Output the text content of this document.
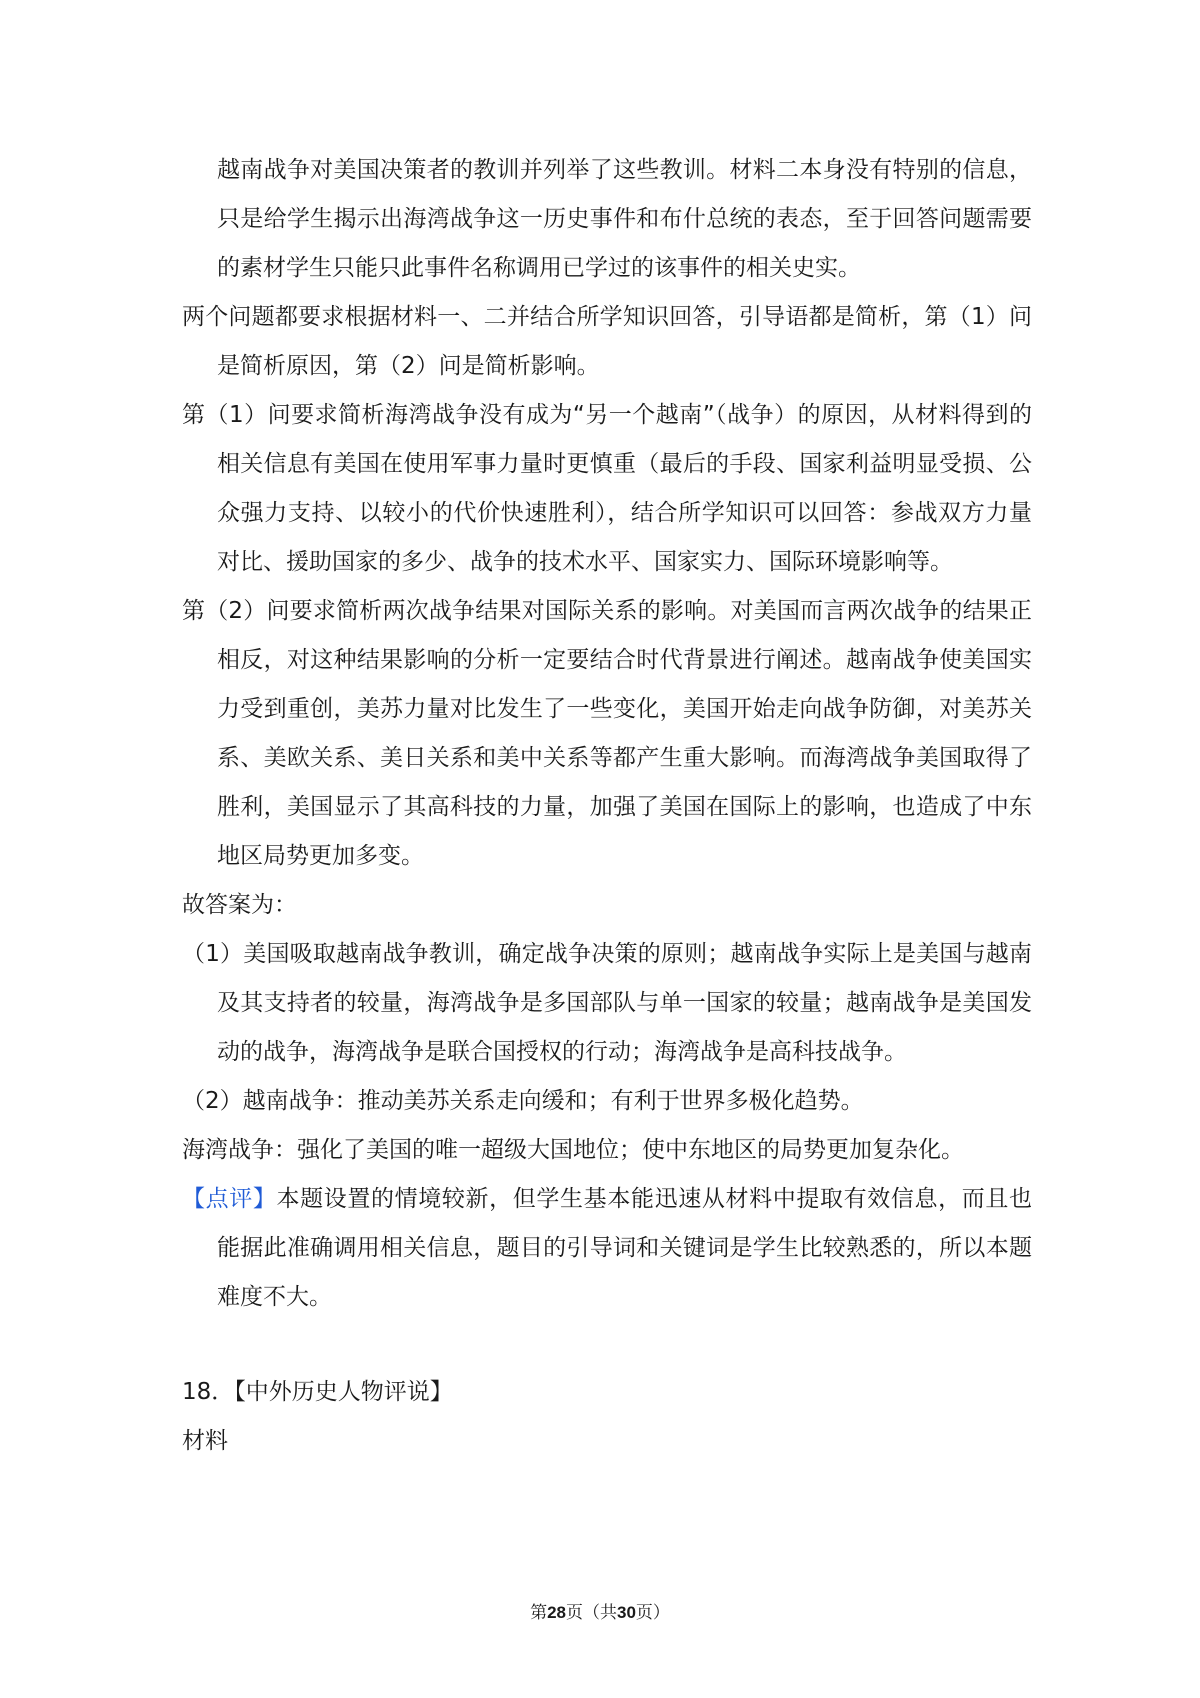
越南战争对美国决策者的教训并列举了这些教训。材料二本身没有特别的信息，只是给学生揭示出海湾战争这一历史事件和布什总统的表态，至于回答问题需要的素材学生只能只此事件名称调用已学过的该事件的相关史实。

两个问题都要求根据材料一、二并结合所学知识回答，引导语都是简析，第（1）问是简析原因，第（2）问是简析影响。

第（1）问要求简析海湾战争没有成为“另一个越南”（战争）的原因，从材料得到的相关信息有美国在使用军事力量时更慎重（最后的手段、国家利益明显受损、公众强力支持、以较小的代价快速胜利），结合所学知识可以回答：参战双方力量对比、援助国家的多少、战争的技术水平、国家实力、国际环境影响等。

第（2）问要求简析两次战争结果对国际关系的影响。对美国而言两次战争的结果正相反，对这种结果影响的分析一定要结合时代背景进行阐述。越南战争使美国实力受到重创，美苏力量对比发生了一些变化，美国开始走向战争防御，对美苏关系、美欧关系、美日关系和美中关系等都产生重大影响。而海湾战争美国取得了胜利，美国显示了其高科技的力量，加强了美国在国际上的影响，也造成了中东地区局势更加多变。

故答案为：

（1）美国吸取越南战争教训，确定战争决策的原则；越南战争实际上是美国与越南及其支持者的较量，海湾战争是多国部队与单一国家的较量；越南战争是美国发动的战争，海湾战争是联合国授权的行动；海湾战争是高科技战争。

（2）越南战争：推动美苏关系走向缓和；有利于世界多极化趋势。

海湾战争：强化了美国的唯一超级大国地位；使中东地区的局势更加复杂化。

【点评】本题设置的情境较新，但学生基本能迅速从材料中提取有效信息，而且也能据此准确调用相关信息，题目的引导词和关键词是学生比较熟悉的，所以本题难度不大。

18．【中外历史人物评说】

材料

第28页（共30页）
